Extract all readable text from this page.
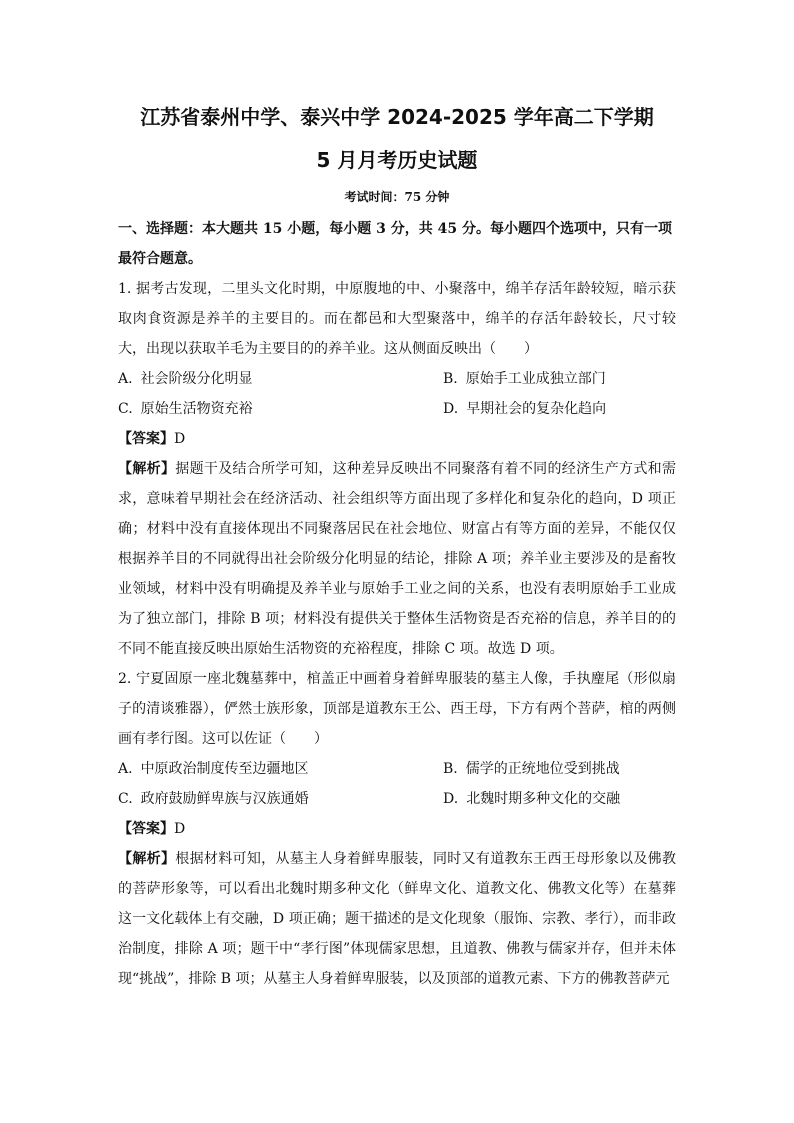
江苏省泰州中学、泰兴中学 2024-2025 学年高二下学期
5 月月考历史试题
考试时间：75 分钟

一、选择题：本大题共 15 小题，每小题 3 分，共 45 分。每小题四个选项中，只有一项最符合题意。

1. 据考古发现，二里头文化时期，中原腹地的中、小聚落中，绵羊存活年龄较短，暗示获取肉食资源是养羊的主要目的。而在都邑和大型聚落中，绵羊的存活年龄较长，尺寸较大，出现以获取羊毛为主要目的的养羊业。这从侧面反映出（　　）

A. 社会阶级分化明显	B. 原始手工业成独立部门
C. 原始生活物资充裕	D. 早期社会的复杂化趋向

【答案】D

【解析】据题干及结合所学可知，这种差异反映出不同聚落有着不同的经济生产方式和需求，意味着早期社会在经济活动、社会组织等方面出现了多样化和复杂化的趋向，D 项正确；材料中没有直接体现出不同聚落居民在社会地位、财富占有等方面的差异，不能仅仅根据养羊目的不同就得出社会阶级分化明显的结论，排除 A 项；养羊业主要涉及的是畜牧业领域，材料中没有明确提及养羊业与原始手工业之间的关系，也没有表明原始手工业成为了独立部门，排除 B 项；材料没有提供关于整体生活物资是否充裕的信息，养羊目的的不同不能直接反映出原始生活物资的充裕程度，排除 C 项。故选 D 项。

2. 宁夏固原一座北魏墓葬中，棺盖正中画着身着鲜卑服装的墓主人像，手执麈尾（形似扇子的清谈雅器），俨然士族形象，顶部是道教东王公、西王母，下方有两个菩萨，棺的两侧画有孝行图。这可以佐证（　　）

A. 中原政治制度传至边疆地区	B. 儒学的正统地位受到挑战
C. 政府鼓励鲜卑族与汉族通婚	D. 北魏时期多种文化的交融

【答案】D

【解析】根据材料可知，从墓主人身着鲜卑服装，同时又有道教东王西王母形象以及佛教的菩萨形象等，可以看出北魏时期多种文化（鲜卑文化、道教文化、佛教文化等）在墓葬这一文化载体上有交融，D 项正确；题干描述的是文化现象（服饰、宗教、孝行），而非政治制度，排除 A 项；题干中“孝行图”体现儒家思想，且道教、佛教与儒家并存，但并未体现“挑战”，排除 B 项；从墓主人身着鲜卑服装，以及顶部的道教元素、下方的佛教菩萨元
